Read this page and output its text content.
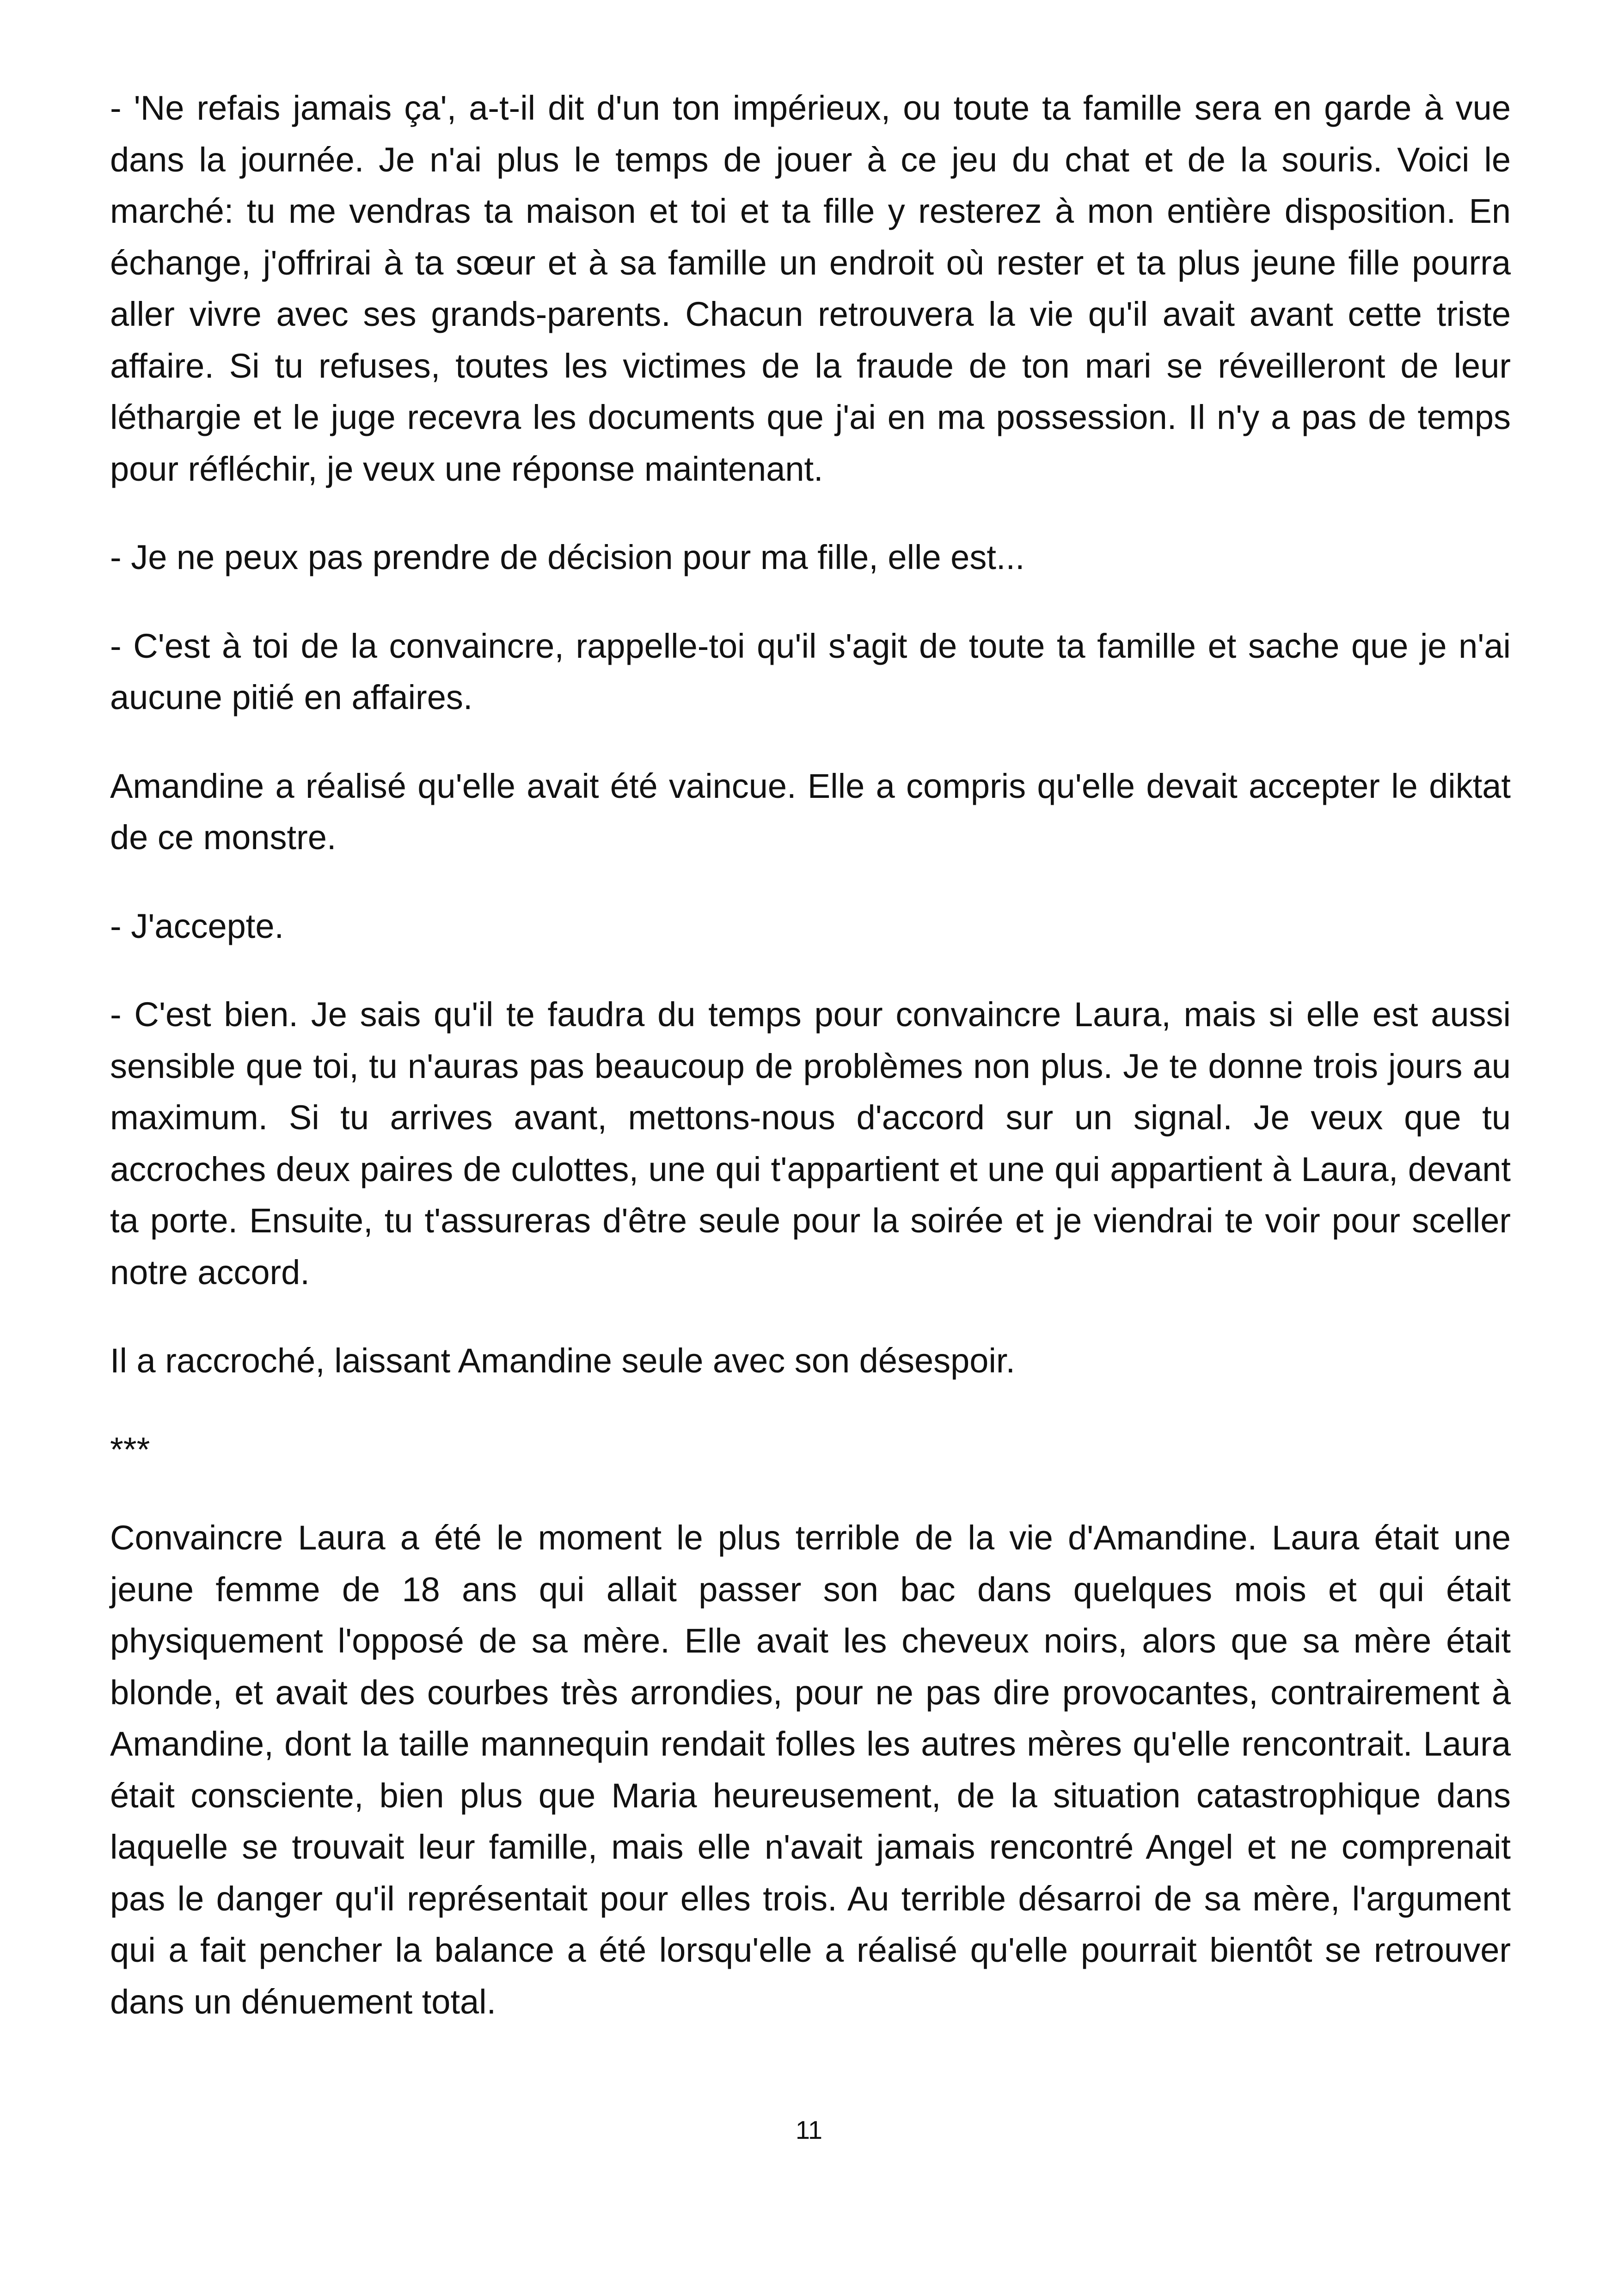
- 'Ne refais jamais ça', a-t-il dit d'un ton impérieux, ou toute ta famille sera en garde à vue dans la journée. Je n'ai plus le temps de jouer à ce jeu du chat et de la souris. Voici le marché: tu me vendras ta maison et toi et ta fille y resterez à mon entière disposition. En échange, j'offrirai à ta sœur et à sa famille un endroit où rester et ta plus jeune fille pourra aller vivre avec ses grands-parents. Chacun retrouvera la vie qu'il avait avant cette triste affaire. Si tu refuses, toutes les victimes de la fraude de ton mari se réveilleront de leur léthargie et le juge recevra les documents que j'ai en ma possession. Il n'y a pas de temps pour réfléchir, je veux une réponse maintenant.

- Je ne peux pas prendre de décision pour ma fille, elle est...

- C'est à toi de la convaincre, rappelle-toi qu'il s'agit de toute ta famille et sache que je n'ai aucune pitié en affaires.

Amandine a réalisé qu'elle avait été vaincue. Elle a compris qu'elle devait accepter le diktat de ce monstre.

- J'accepte.

- C'est bien. Je sais qu'il te faudra du temps pour convaincre Laura, mais si elle est aussi sensible que toi, tu n'auras pas beaucoup de problèmes non plus. Je te donne trois jours au maximum. Si tu arrives avant, mettons-nous d'accord sur un signal. Je veux que tu accroches deux paires de culottes, une qui t'appartient et une qui appartient à Laura, devant ta porte. Ensuite, tu t'assureras d'être seule pour la soirée et je viendrai te voir pour sceller notre accord.

Il a raccroché, laissant Amandine seule avec son désespoir.

***

Convaincre Laura a été le moment le plus terrible de la vie d'Amandine. Laura était une jeune femme de 18 ans qui allait passer son bac dans quelques mois et qui était physiquement l'opposé de sa mère. Elle avait les cheveux noirs, alors que sa mère était blonde, et avait des courbes très arrondies, pour ne pas dire provocantes, contrairement à Amandine, dont la taille mannequin rendait folles les autres mères qu'elle rencontrait. Laura était consciente, bien plus que Maria heureusement, de la situation catastrophique dans laquelle se trouvait leur famille, mais elle n'avait jamais rencontré Angel et ne comprenait pas le danger qu'il représentait pour elles trois. Au terrible désarroi de sa mère, l'argument qui a fait pencher la balance a été lorsqu'elle a réalisé qu'elle pourrait bientôt se retrouver dans un dénuement total.

11
